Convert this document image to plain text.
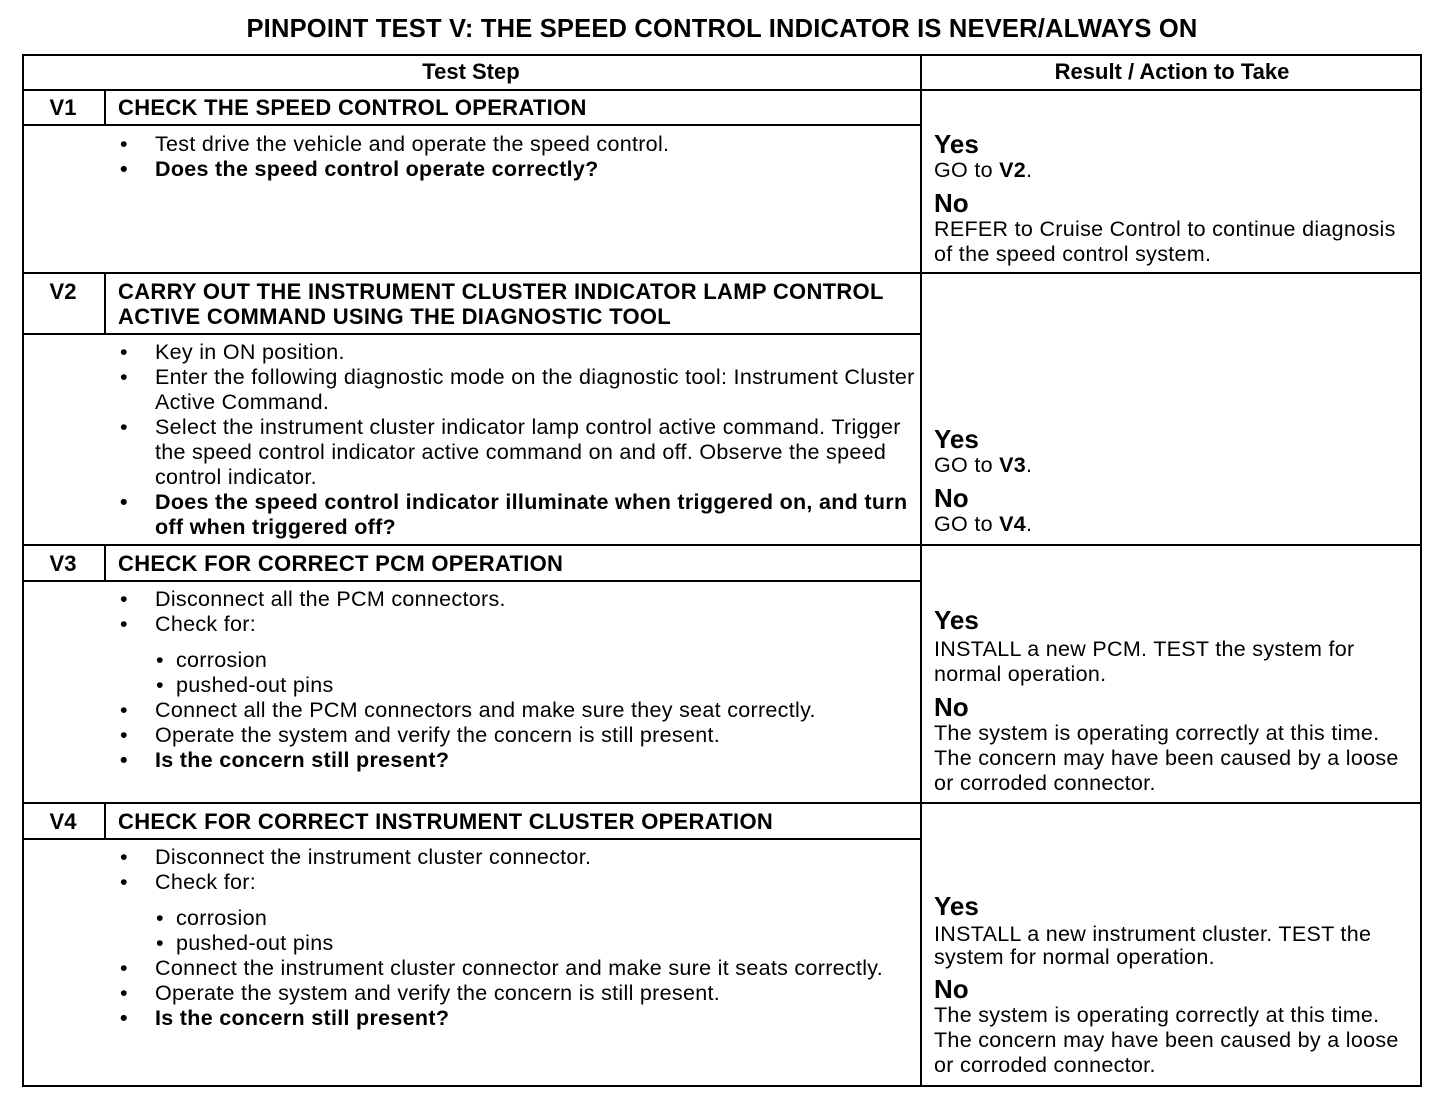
PINPOINT TEST V: THE SPEED CONTROL INDICATOR IS NEVER/ALWAYS ON
Test Step	Result / Action to Take
V1	CHECK THE SPEED CONTROL OPERATION
• Test drive the vehicle and operate the speed control.
• Does the speed control operate correctly?
Yes
GO to V2.
No
REFER to Cruise Control to continue diagnosis of the speed control system.
V2	CARRY OUT THE INSTRUMENT CLUSTER INDICATOR LAMP CONTROL ACTIVE COMMAND USING THE DIAGNOSTIC TOOL
• Key in ON position.
• Enter the following diagnostic mode on the diagnostic tool: Instrument Cluster Active Command.
• Select the instrument cluster indicator lamp control active command. Trigger the speed control indicator active command on and off. Observe the speed control indicator.
• Does the speed control indicator illuminate when triggered on, and turn off when triggered off?
Yes
GO to V3.
No
GO to V4.
V3	CHECK FOR CORRECT PCM OPERATION
• Disconnect all the PCM connectors.
• Check for:
• corrosion
• pushed-out pins
• Connect all the PCM connectors and make sure they seat correctly.
• Operate the system and verify the concern is still present.
• Is the concern still present?
Yes
INSTALL a new PCM. TEST the system for normal operation.
No
The system is operating correctly at this time. The concern may have been caused by a loose or corroded connector.
V4	CHECK FOR CORRECT INSTRUMENT CLUSTER OPERATION
• Disconnect the instrument cluster connector.
• Check for:
• corrosion
• pushed-out pins
• Connect the instrument cluster connector and make sure it seats correctly.
• Operate the system and verify the concern is still present.
• Is the concern still present?
Yes
INSTALL a new instrument cluster. TEST the system for normal operation.
No
The system is operating correctly at this time. The concern may have been caused by a loose or corroded connector.
